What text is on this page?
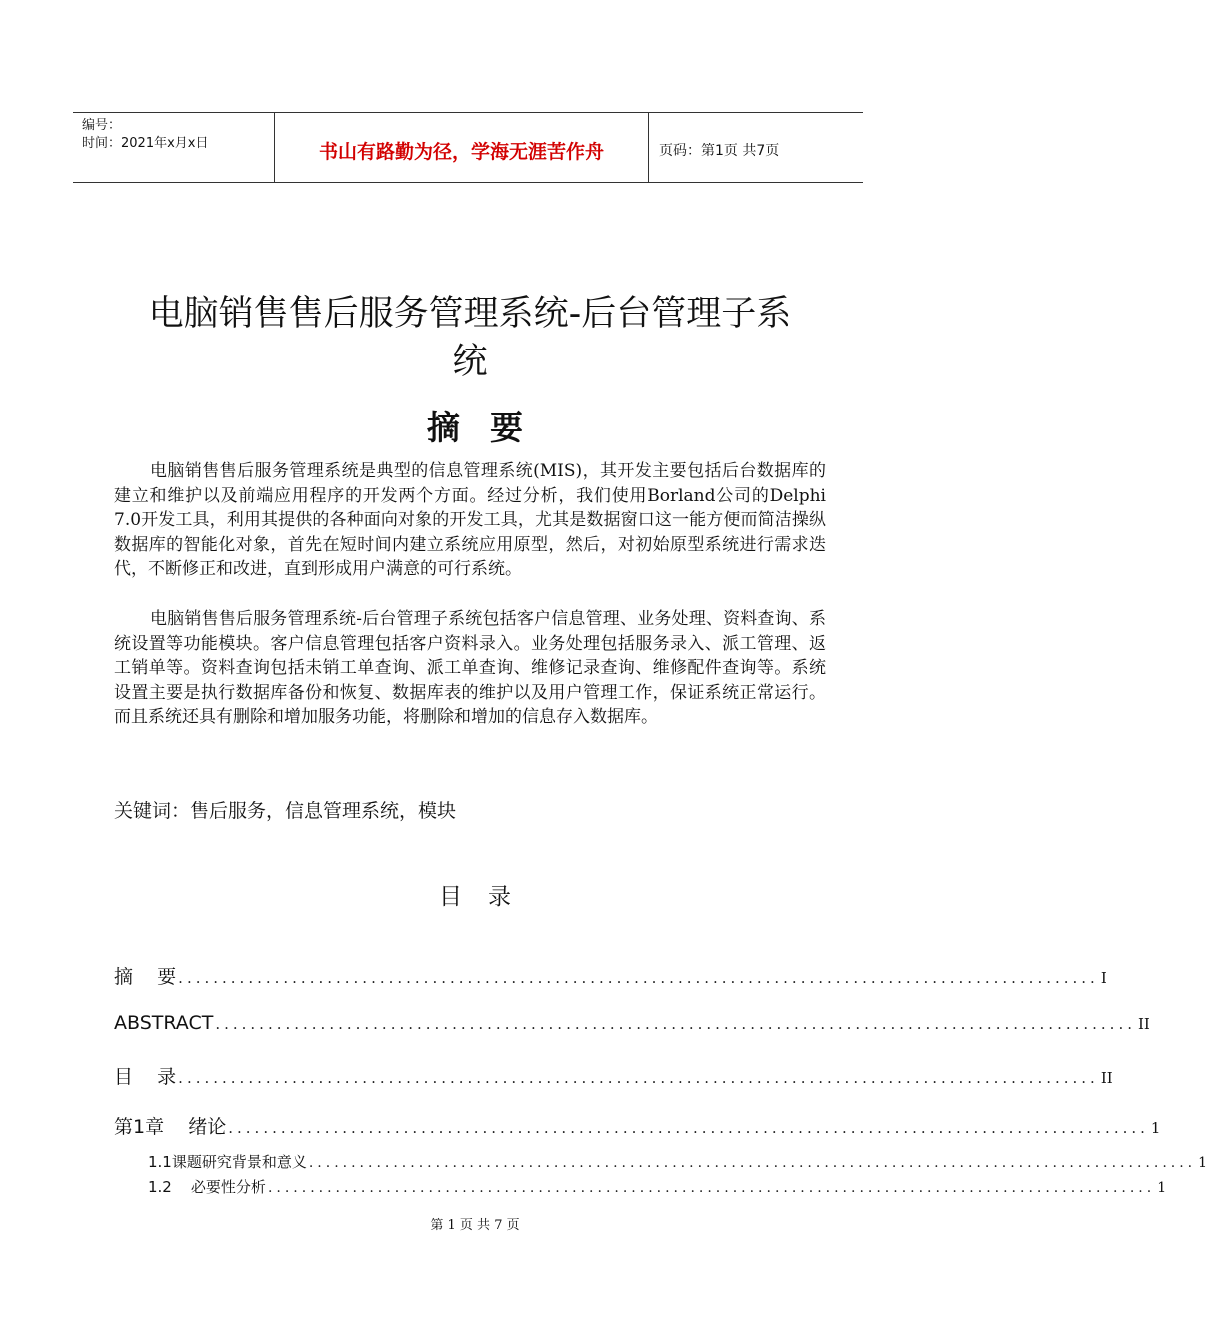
编号：
时间：2021年x月x日	书山有路勤为径，学海无涯苦作舟	页码：第1页 共7页
电脑销售售后服务管理系统-后台管理子系
统
摘要
电脑销售售后服务管理系统是典型的信息管理系统(MIS)，其开发主要包括后台数据库的建立和维护以及前端应用程序的开发两个方面。经过分析，我们使用Borland公司的Delphi 7.0开发工具，利用其提供的各种面向对象的开发工具，尤其是数据窗口这一能方便而简洁操纵数据库的智能化对象，首先在短时间内建立系统应用原型，然后，对初始原型系统进行需求迭代，不断修正和改进，直到形成用户满意的可行系统。
电脑销售售后服务管理系统-后台管理子系统包括客户信息管理、业务处理、资料查询、系统设置等功能模块。客户信息管理包括客户资料录入。业务处理包括服务录入、派工管理、返工销单等。资料查询包括未销工单查询、派工单查询、维修记录查询、维修配件查询等。系统设置主要是执行数据库备份和恢复、数据库表的维护以及用户管理工作，保证系统正常运行。而且系统还具有删除和增加服务功能，将删除和增加的信息存入数据库。
关键词：售后服务，信息管理系统，模块
目录
摘    要 ......................................................................................................... I
ABSTRACT ......................................................................................................... II
目    录 ......................................................................................................... II
第1章    绪论 ......................................................................................................... 1
1.1课题研究背景和意义 ......................................................................................................... 1
1.2    必要性分析 ......................................................................................................... 1
第 1 页 共 7 页
